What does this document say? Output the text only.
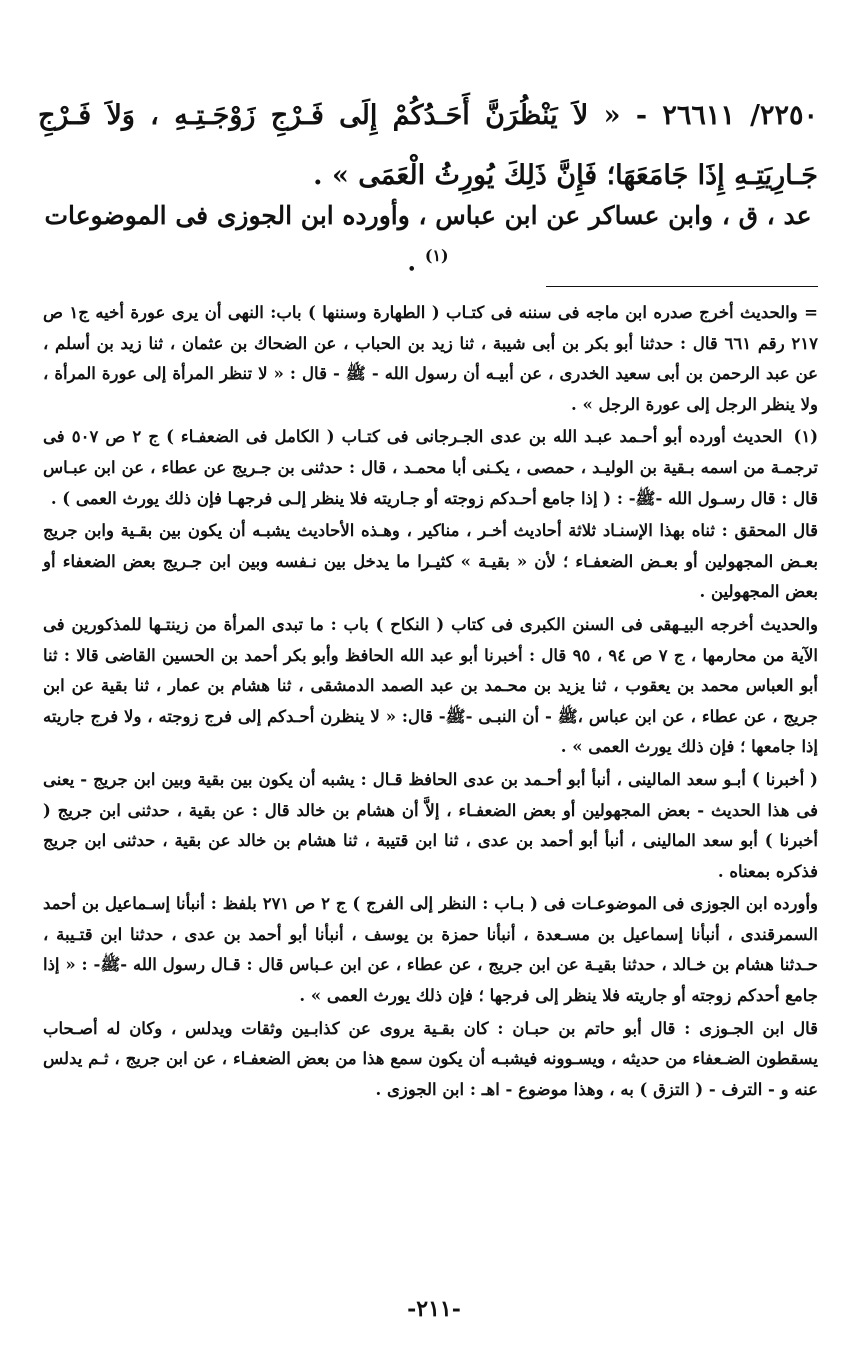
٢٢٥٠/ ٢٦٦١١ - « لاَ يَنْظُرَنَّ أَحَـدُكُمْ إِلَى فَـرْجِ زَوْجَـتِـهِ ، وَلاَ فَـرْجِ جَـارِيَتِـهِ إِذَا جَامَعَهَا؛ فَإِنَّ ذَلِكَ يُورِثُ الْعَمَى » .
عد ، ق ، وابن عساكر عن ابن عباس ، وأورده ابن الجوزى فى الموضوعات $^{(١)}$ .

= والحديث أخرج صدره ابن ماجه فى سننه فى كتـاب ( الطهارة وسننها ) باب: النهى أن يرى عورة أخيه ج١ ص ٢١٧ رقم ٦٦١ قال : حدثنا أبو بكر بن أبى شيبة ، ثنا زيد بن الحباب ، عن الضحاك بن عثمان ، ثنا زيد بن أسلم ، عن عبد الرحمن بن أبى سعيد الخدرى ، عن أبيـه أن رسول الله - ﷺ - قال : « لا تنظر المرأة إلى عورة المرأة ، ولا ينظر الرجل إلى عورة الرجل » .

(١) الحديث أورده أبو أحـمد عبـد الله بن عدى الجـرجانى فى كتـاب ( الكامل فى الضعفـاء ) ج ٢ ص ٥٠٧ فى ترجمـة من اسمه بـقية بن الوليـد ، حمصى ، يكـنى أبا محمـد ، قال : حدثنى بن جـريج عن عطاء ، عن ابن عبـاس قال : قال رسـول الله -ﷺ- : ( إذا جامع أحـدكم زوجته أو جـاريته فلا ينظر إلـى فرجهـا فإن ذلك يورث العمى ) .

قال المحقق : ثناه بهذا الإسنـاد ثلاثة أحاديث أخـر ، مناكير ، وهـذه الأحاديث يشبـه أن يكون بين بقـية وابن جريج بعـض المجهولين أو بعـض الضعفـاء ؛ لأن « بقيـة » كثيـرا ما يدخل بين نـفسه وبين ابن جـريج بعض الضعفاء أو بعض المجهولين .

والحديث أخرجه البيـهقى فى السنن الكبرى فى كتاب ( النكاح ) باب : ما تبدى المرأة من زينتـها للمذكورين فى الآية من محارمها ، ج ٧ ص ٩٤ ، ٩٥ قال : أخبرنا أبو عبد الله الحافظ وأبو بكر أحمد بن الحسين القاضى قالا : ثنا أبو العباس محمد بن يعقوب ، ثنا يزيد بن محـمد بن عبد الصمد الدمشقى ، ثنا هشام بن عمار ، ثنا بقية عن ابن جريج ، عن عطاء ، عن ابن عباس ،ﷺ - أن النبـى -ﷺ- قال: « لا ينظرن أحـدكم إلى فرج زوجته ، ولا فرج جاريته إذا جامعها ؛ فإن ذلك يورث العمى » .

( أخبرنا ) أبـو سعد المالينى ، أنبأ أبو أحـمد بن عدى الحافظ قـال : يشبه أن يكون بين بقية وبين ابن جريج - يعنى فى هذا الحديث - بعض المجهولين أو بعض الضعفـاء ، إلاَّ أن هشام بن خالد قال : عن بقية ، حدثنى ابن جريج ( أخبرنا ) أبو سعد المالينى ، أنبأ أبو أحمد بن عدى ، ثنا ابن قتيبة ، ثنا هشام بن خالد عن بقية ، حدثنى ابن جريج فذكره بمعناه .

وأورده ابن الجوزى فى الموضوعـات فى ( بـاب : النظر إلى الفرج ) ج ٢ ص ٢٧١ بلفظ : أنبأنا إسـماعيل بن أحمد السمرقندى ، أنبأنا إسماعيل بن مسـعدة ، أنبأنا حمزة بن يوسف ، أنبأنا أبو أحمد بن عدى ، حدثنا ابن قتـيبة ، حـدثنا هشام بن خـالد ، حدثنا بقيـة عن ابن جريج ، عن عطاء ، عن ابن عـباس قال : قـال رسول الله -ﷺ- : « إذا جامع أحدكم زوجته أو جاريته فلا ينظر إلى فرجها ؛ فإن ذلك يورث العمى » .

قال ابن الجـوزى : قال أبو حاتم بن حبـان : كان بقـية يروى عن كذابـين وثقات ويدلس ، وكان له أصـحاب يسقطون الضـعفاء من حديثه ، ويسـوونه فيشبـه أن يكون سمع هذا من بعض الضعفـاء ، عن ابن جريج ، ثـم يدلس عنه و - الترف - ( التزق ) به ، وهذا موضوع - اهـ : ابن الجوزى .

-٢١١-
